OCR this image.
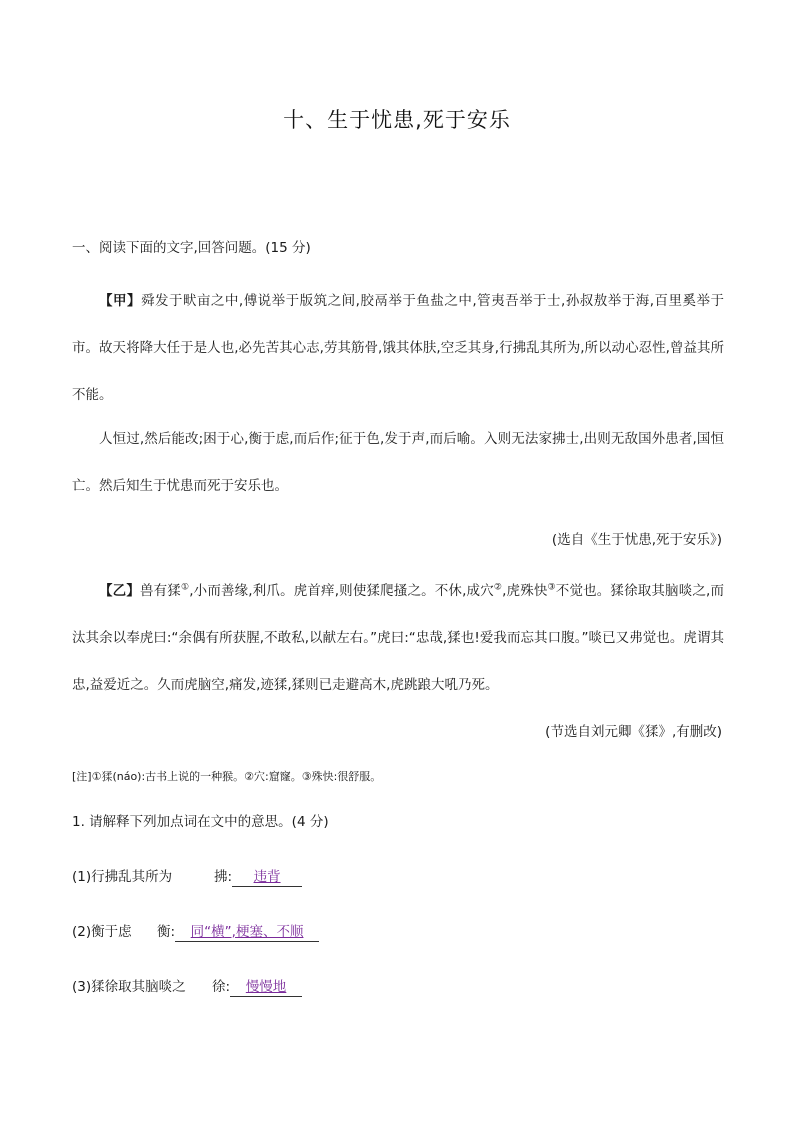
十、生于忧患,死于安乐
一、阅读下面的文字,回答问题。(15 分)
【甲】舜发于畎亩之中,傅说举于版筑之间,胶鬲举于鱼盐之中,管夷吾举于士,孙叔敖举于海,百里奚举于市。故天将降大任于是人也,必先苦其心志,劳其筋骨,饿其体肤,空乏其身,行拂乱其所为,所以动心忍性,曾益其所不能。
人恒过,然后能改;困于心,衡于虑,而后作;征于色,发于声,而后喻。入则无法家拂士,出则无敌国外患者,国恒亡。然后知生于忧患而死于安乐也。
(选自《生于忧患,死于安乐》)
【乙】兽有猱①,小而善缘,利爪。虎首痒,则使猱爬搔之。不休,成穴②,虎殊快③不觉也。猱徐取其脑啖之,而汰其余以奉虎曰:“余偶有所获腥,不敢私,以献左右。”虎曰:“忠哉,猱也!爱我而忘其口腹。”啖已又弗觉也。虎谓其忠,益爱近之。久而虎脑空,痛发,迹猱,猱则已走避高木,虎跳踉大吼乃死。
(节选自刘元卿《猱》,有删改)
[注]①猱(náo):古书上说的一种猴。②穴:窟窿。③殊快:很舒服。
1. 请解释下列加点词在文中的意思。(4 分)
(1)行拂乱其所为	拂: 违背
(2)衡于虑 衡: 同“横”,梗塞、不顺
(3)猱徐取其脑啖之 徐: 慢慢地
